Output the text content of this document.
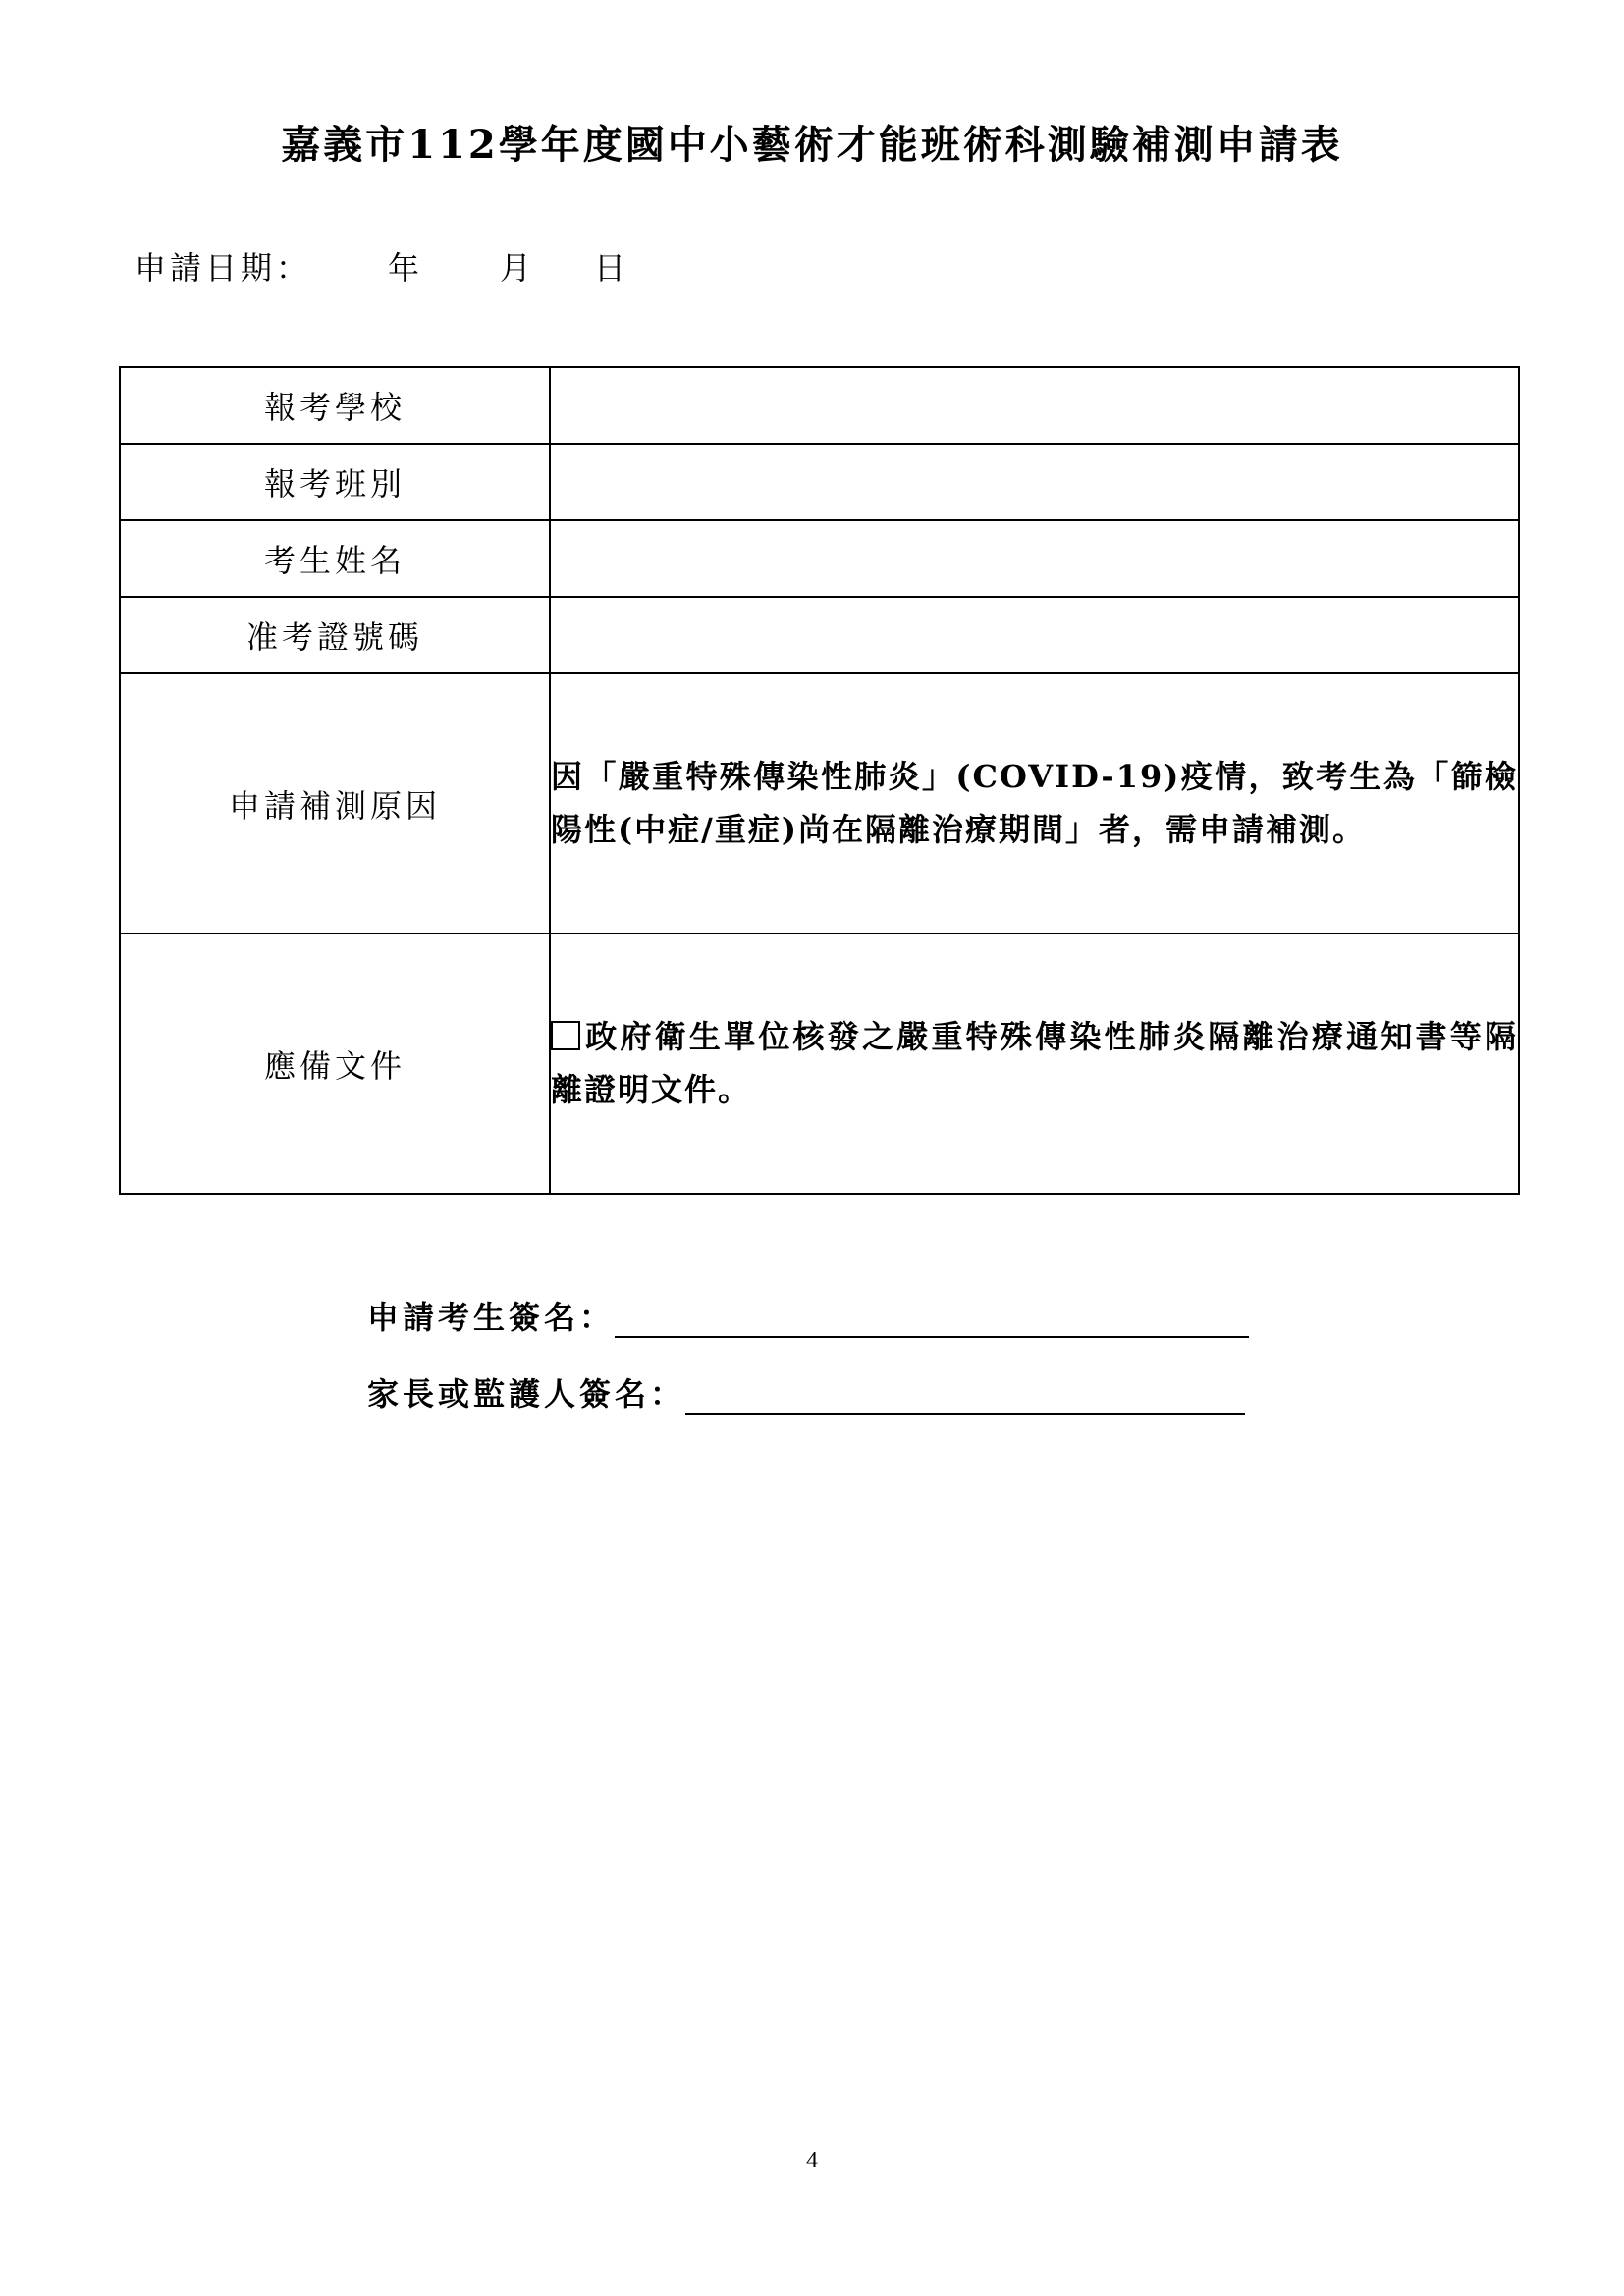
嘉義市112學年度國中小藝術才能班術科測驗補測申請表
申請日期： 年 月 日
報考學校	
報考班別	
考生姓名	
准考證號碼	
申請補測原因	因「嚴重特殊傳染性肺炎」(COVID-19)疫情，致考生為「篩檢陽性(中症/重症)尚在隔離治療期間」者，需申請補測。

應備文件	政府衛生單位核發之嚴重特殊傳染性肺炎隔離治療通知書等隔離證明文件。
申請考生簽名：
家長或監護人簽名：
4
